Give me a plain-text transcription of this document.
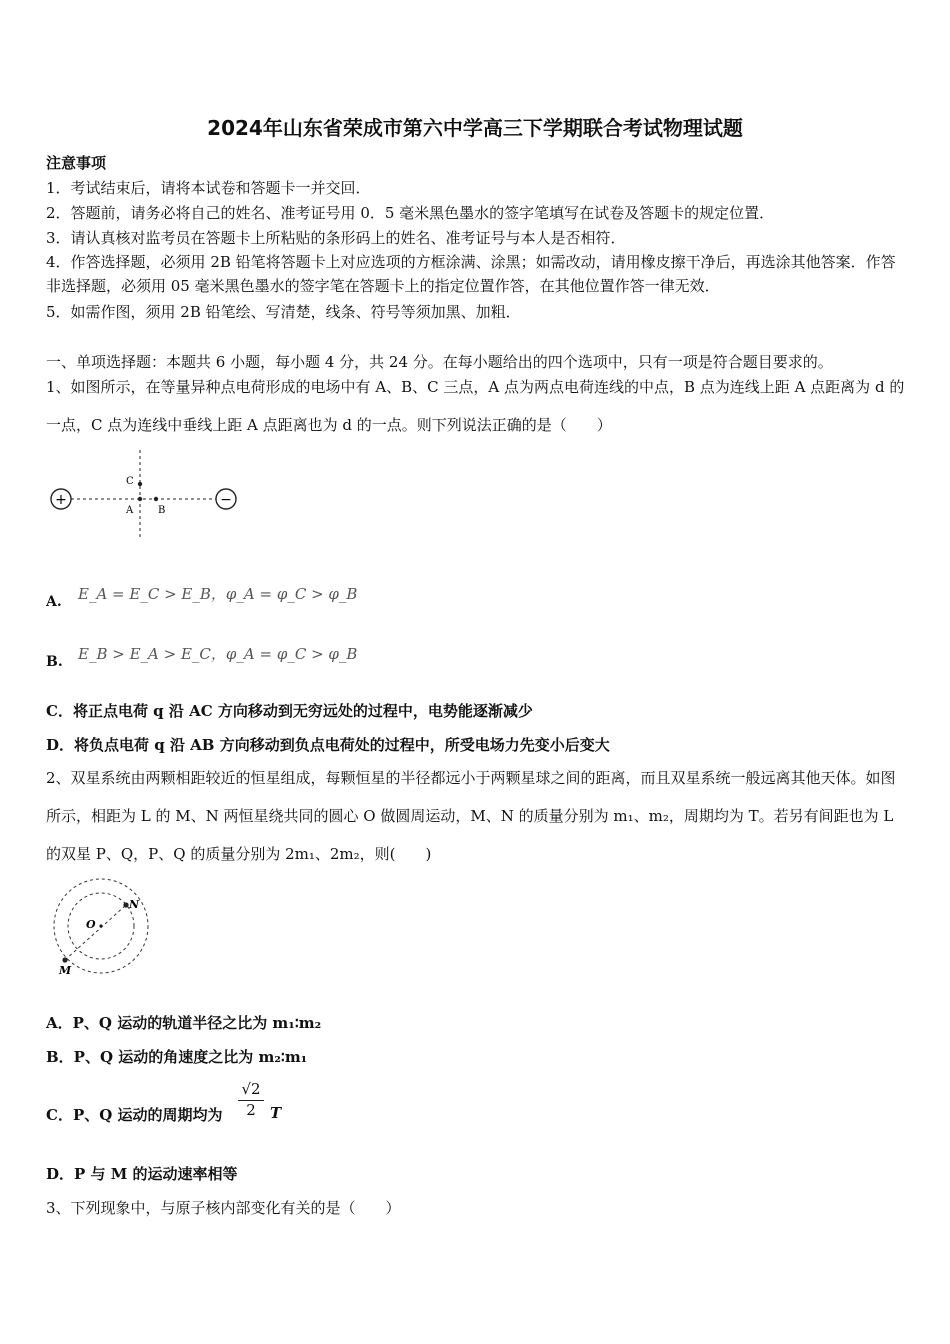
2024年山东省荣成市第六中学高三下学期联合考试物理试题
注意事项
1．考试结束后，请将本试卷和答题卡一并交回．
2．答题前，请务必将自己的姓名、准考证号用 0．5 毫米黑色墨水的签字笔填写在试卷及答题卡的规定位置．
3．请认真核对监考员在答题卡上所粘贴的条形码上的姓名、准考证号与本人是否相符．
4．作答选择题，必须用 2B 铅笔将答题卡上对应选项的方框涂满、涂黑；如需改动，请用橡皮擦干净后，再选涂其他答案．作答非选择题，必须用 05 毫米黑色墨水的签字笔在答题卡上的指定位置作答，在其他位置作答一律无效．
5．如需作图，须用 2B 铅笔绘、写清楚，线条、符号等须加黑、加粗．
一、单项选择题：本题共 6 小题，每小题 4 分，共 24 分。在每小题给出的四个选项中，只有一项是符合题目要求的。
1、如图所示，在等量异种点电荷形成的电场中有 A、B、C 三点，A 点为两点电荷连线的中点，B 点为连线上距 A 点距离为 d 的一点，C 点为连线中垂线上距 A 点距离也为 d 的一点。则下列说法正确的是（　　）
+	−
C
A B
A. E_A = E_C > E_B，φ_A = φ_C > φ_B
B. E_B > E_A > E_C，φ_A = φ_C > φ_B
C．将正点电荷 q 沿 AC 方向移动到无穷远处的过程中，电势能逐渐减少
D．将负点电荷 q 沿 AB 方向移动到负点电荷处的过程中，所受电场力先变小后变大
2、双星系统由两颗相距较近的恒星组成，每颗恒星的半径都远小于两颗星球之间的距离，而且双星系统一般远离其他天体。如图所示，相距为 L 的 M、N 两恒星绕共同的圆心 O 做圆周运动，M、N 的质量分别为 m₁、m₂，周期均为 T。若另有间距也为 L 的双星 P、Q，P、Q 的质量分别为 2m₁、2m₂，则(　　)
O
N
M
A．P、Q 运动的轨道半径之比为 m₁∶m₂
B．P、Q 运动的角速度之比为 m₂∶m₁
C．P、Q 运动的周期均为
√2
2 T
D．P 与 M 的运动速率相等
3、下列现象中，与原子核内部变化有关的是（　　）
